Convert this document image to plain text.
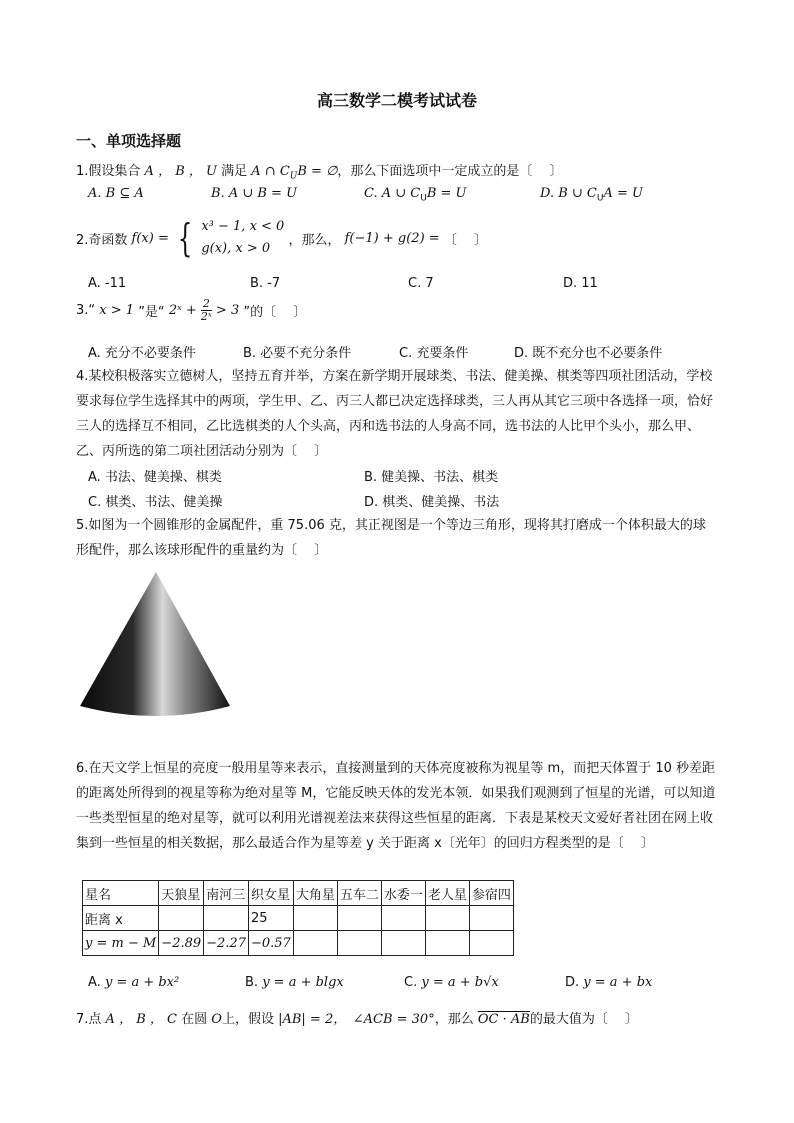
高三数学二模考试试卷
一、单项选择题
1.假设集合 A ， B ， U 满足 A ∩ $C_UB$ = ∅，那么下面选项中一定成立的是〔　 〕
A. B ⊆ A	B. A ∪ B = U	C. A ∪ $C_UB = U$	D. B ∪ $C_UA = U$
2.奇函数 f(x) = { x³ − 1, x < 0
g(x), x > 0
，那么， f(−1) + g(2) = 〔　 〕
A. -11	B. -7	C. 7	D. 11
3.“ x > 1 ”是“ 2ˣ + $\frac{2}{\text{2ˣ}} > 3$ ”的〔　 〕
A. 充分不必要条件	B. 必要不充分条件	C. 充要条件	D. 既不充分也不必要条件
4.某校积极落实立德树人，坚持五育并举，方案在新学期开展球类、书法、健美操、棋类等四项社团活动，学校要求每位学生选择其中的两项，学生甲、乙、丙三人都已决定选择球类，三人再从其它三项中各选择一项，恰好三人的选择互不相同，乙比选棋类的人个头高，丙和选书法的人身高不同，选书法的人比甲个头小，那么甲、乙、丙所选的第二项社团活动分别为〔　 〕
A. 书法、健美操、棋类	B. 健美操、书法、棋类
C. 棋类、书法、健美操	D. 棋类、健美操、书法
5.如图为一个圆锥形的金属配件，重 75.06 克，其正视图是一个等边三角形，现将其打磨成一个体积最大的球形配件，那么该球形配件的重量约为〔　 〕
6.在天文学上恒星的亮度一般用星等来表示，直接测量到的天体亮度被称为视星等 m，而把天体置于 10 秒差距的距离处所得到的视星等称为绝对星等 M，它能反映天体的发光本领．如果我们观测到了恒星的光谱，可以知道一些类型恒星的绝对星等，就可以利用光谱视差法来获得这些恒星的距离．下表是某校天文爱好者社团在网上收集到一些恒星的相关数据，那么最适合作为星等差 y 关于距离 x〔光年〕的回归方程类型的是〔　 〕
星名	天狼星	南河三	织女星	大角星	五车二	水委一	老人星	参宿四
距离 x			25					
y = m − M	−2.89	−2.27	−0.57					
A. y = a + bx²	B. y = a + blgx	C. y = a + b√x	D. y = a + bx
7.点 A ， B ， C 在圆 O上，假设 |AB| = 2，　∠ACB = 30°，那么 OC · AB的最大值为〔　 〕
